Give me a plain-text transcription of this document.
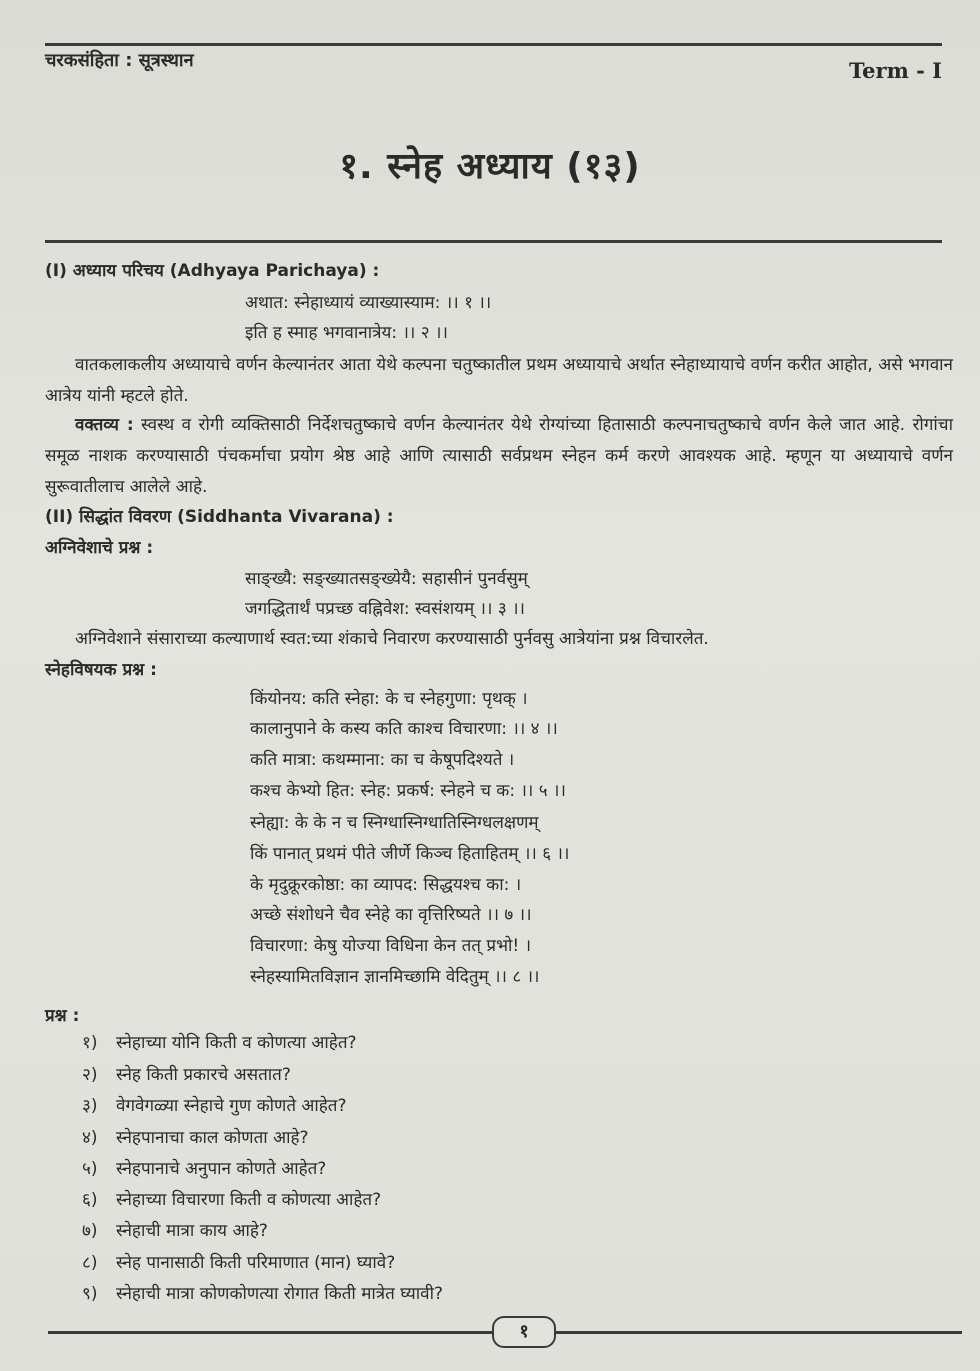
चरकसंहिता : सूत्रस्थान	Term - I
१. स्नेह अध्याय (१३)
(I) अध्याय परिचय (Adhyaya Parichaya) :
अथात: स्नेहाध्यायं व्याख्यास्याम: ।। १ ।।
इति ह स्माह भगवानात्रेय: ।। २ ।।
वातकलाकलीय अध्यायाचे वर्णन केल्यानंतर आता येथे कल्पना चतुष्कातील प्रथम अध्यायाचे अर्थात स्नेहाध्यायाचे वर्णन करीत आहोत, असे भगवान आत्रेय यांनी म्हटले होते.
वक्तव्य : स्वस्थ व रोगी व्यक्तिसाठी निर्देशचतुष्काचे वर्णन केल्यानंतर येथे रोग्यांच्या हितासाठी कल्पनाचतुष्काचे वर्णन केले जात आहे. रोगांचा समूळ नाशक करण्यासाठी पंचकर्माचा प्रयोग श्रेष्ठ आहे आणि त्यासाठी सर्वप्रथम स्नेहन कर्म करणे आवश्यक आहे. म्हणून या अध्यायाचे वर्णन सुरूवातीलाच आलेले आहे.
(II) सिद्धांत विवरण (Siddhanta Vivarana) :
अग्निवेशाचे प्रश्न :
साङ्ख्यै: सङ्ख्यातसङ्ख्येयै: सहासीनं पुनर्वसुम्
जगद्धितार्थं पप्रच्छ वह्निवेश: स्वसंशयम् ।। ३ ।।
अग्निवेशाने संसाराच्या कल्याणार्थ स्वत:च्या शंकाचे निवारण करण्यासाठी पुर्नवसु आत्रेयांना प्रश्न विचारलेत.
स्नेहविषयक प्रश्न :
किंयोनय: कति स्नेहा: के च स्नेहगुणा: पृथक् ।
कालानुपाने के कस्य कति काश्च विचारणा: ।। ४ ।।
कति मात्रा: कथम्माना: का च केषूपदिश्यते ।
कश्च केभ्यो हित: स्नेह: प्रकर्ष: स्नेहने च क: ।। ५ ।।
स्नेह्या: के के न च स्निग्धास्निग्धातिस्निग्धलक्षणम्
किं पानात् प्रथमं पीते जीर्णे किञ्च हिताहितम् ।। ६ ।।
के मृदुक्रूरकोष्ठा: का व्यापद: सिद्धयश्च का: ।
अच्छे संशोधने चैव स्नेहे का वृत्तिरिष्यते ।। ७ ।।
विचारणा: केषु योज्या विधिना केन तत् प्रभो! ।
स्नेहस्यामितविज्ञान ज्ञानमिच्छामि वेदितुम् ।। ८ ।।
प्रश्न :
१) स्नेहाच्या योनि किती व कोणत्या आहेत?
२) स्नेह किती प्रकारचे असतात?
३) वेगवेगळ्या स्नेहाचे गुण कोणते आहेत?
४) स्नेहपानाचा काल कोणता आहे?
५) स्नेहपानाचे अनुपान कोणते आहेत?
६) स्नेहाच्या विचारणा किती व कोणत्या आहेत?
७) स्नेहाची मात्रा काय आहे?
८) स्नेह पानासाठी किती परिमाणात (मान) घ्यावे?
९) स्नेहाची मात्रा कोणकोणत्या रोगात किती मात्रेत घ्यावी?
१
